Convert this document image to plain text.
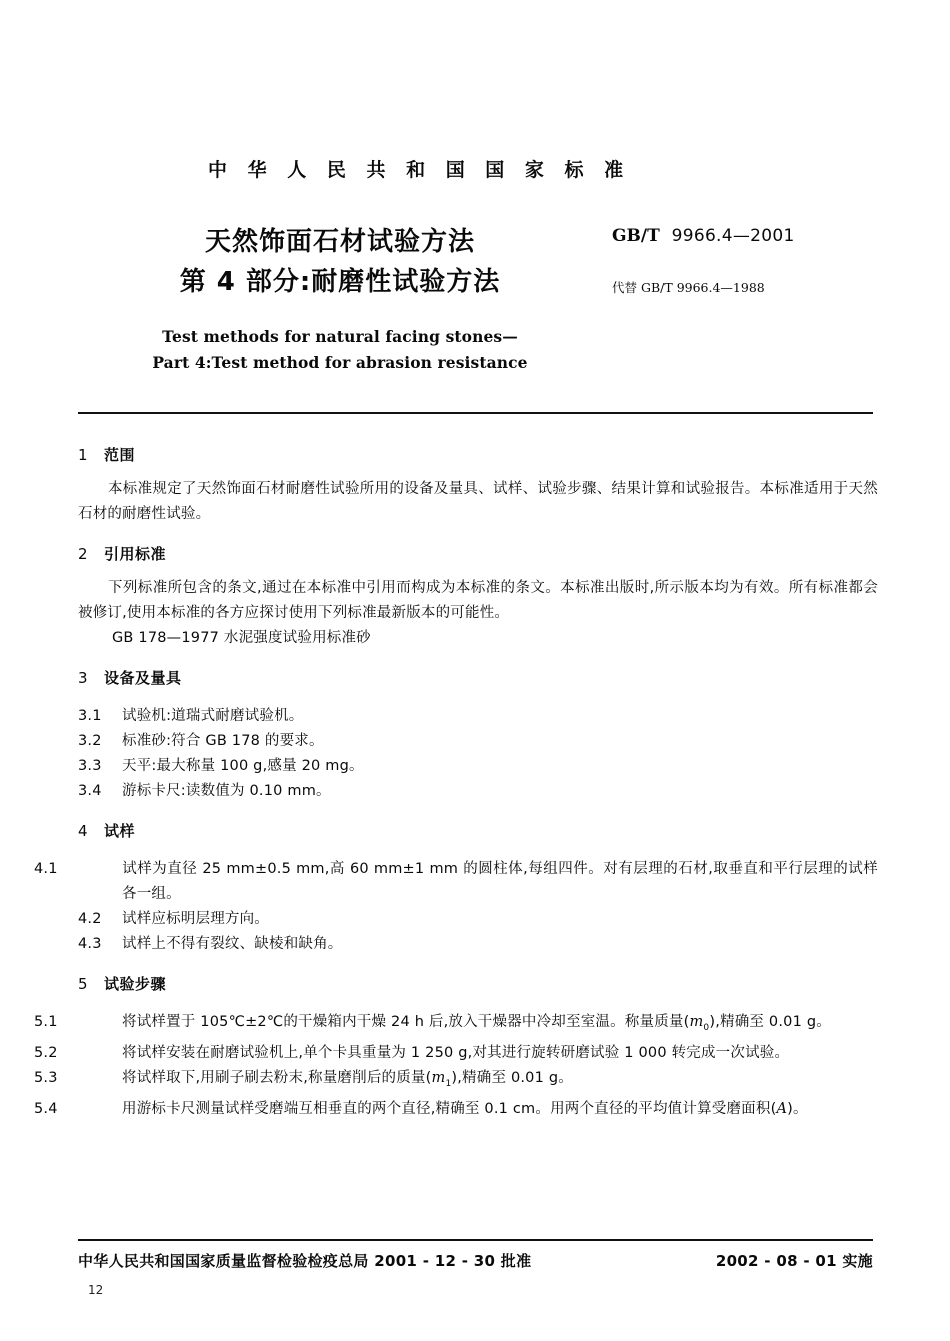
中 华 人 民 共 和 国 国 家 标 准
天然饰面石材试验方法
第 4 部分:耐磨性试验方法
Test methods for natural facing stones—
Part 4:Test method for abrasion resistance
GB/T 9966.4—2001
代替 GB/T 9966.4—1988
1 范围

本标准规定了天然饰面石材耐磨性试验所用的设备及量具、试样、试验步骤、结果计算和试验报告。本标准适用于天然石材的耐磨性试验。

2 引用标准

下列标准所包含的条文,通过在本标准中引用而构成为本标准的条文。本标准出版时,所示版本均为有效。所有标准都会被修订,使用本标准的各方应探讨使用下列标准最新版本的可能性。

GB 178—1977 水泥强度试验用标准砂

3 设备及量具

3.1 试验机:道瑞式耐磨试验机。

3.2 标准砂:符合 GB 178 的要求。

3.3 天平:最大称量 100 g,感量 20 mg。

3.4 游标卡尺:读数值为 0.10 mm。

4 试样

4.1	试样为直径 25 mm±0.5 mm,高 60 mm±1 mm 的圆柱体,每组四件。对有层理的石材,取垂直和平行层理的试样各一组。

4.2 试样应标明层理方向。

4.3 试样上不得有裂纹、缺棱和缺角。

5 试验步骤

5.1	将试样置于 105℃±2℃的干燥箱内干燥 24 h 后,放入干燥器中冷却至室温。称量质量$(m_0)$,精确至 0.01 g。

5.2	将试样安装在耐磨试验机上,单个卡具重量为 1 250 g,对其进行旋转研磨试验 1 000 转完成一次试验。

5.3	将试样取下,用刷子刷去粉末,称量磨削后的质量$(m_1)$,精确至 0.01 g。

5.4	用游标卡尺测量试样受磨端互相垂直的两个直径,精确至 0.1 cm。用两个直径的平均值计算受磨面积(A)。

中华人民共和国国家质量监督检验检疫总局 2001 - 12 - 30 批准	2002 - 08 - 01 实施
12
